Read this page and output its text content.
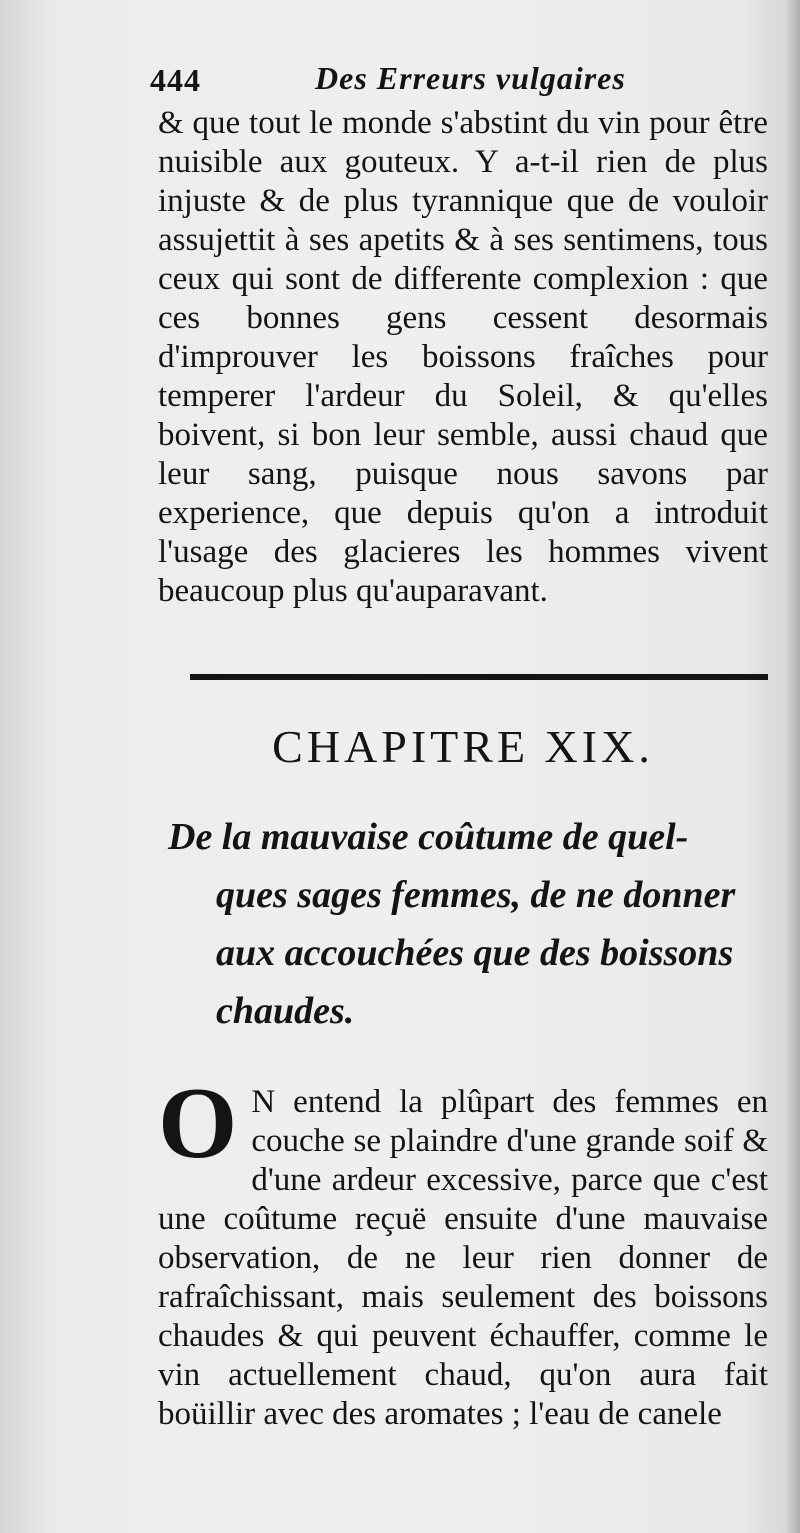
444	Des Erreurs vulgaires

& que tout le monde s'abstint du vin pour être nuisible aux gouteux. Y a-t-il rien de plus injuste & de plus tyrannique que de vouloir assujettit à ses apetits & à ses sentimens, tous ceux qui sont de differente complexion : que ces bonnes gens cessent desormais d'improuver les boissons fraîches pour temperer l'ardeur du Soleil, & qu'elles boivent, si bon leur semble, aussi chaud que leur sang, puisque nous savons par experience, que depuis qu'on a introduit l'usage des glacieres les hommes vivent beaucoup plus qu'auparavant.

CHAPITRE XIX.
De la mauvaise coûtume de quel-
ques sages femmes, de ne donner
aux accouchées que des boissons
chaudes.

O N entend la plûpart des femmes en couche se plaindre d'une grande soif & d'une ardeur excessive, parce que c'est une coûtume reçuë ensuite d'une mauvaise observation, de ne leur rien donner de rafraîchissant, mais seulement des boissons chaudes & qui peuvent échauffer, comme le vin actuellement chaud, qu'on aura fait boüillir avec des aromates ; l'eau de canele
